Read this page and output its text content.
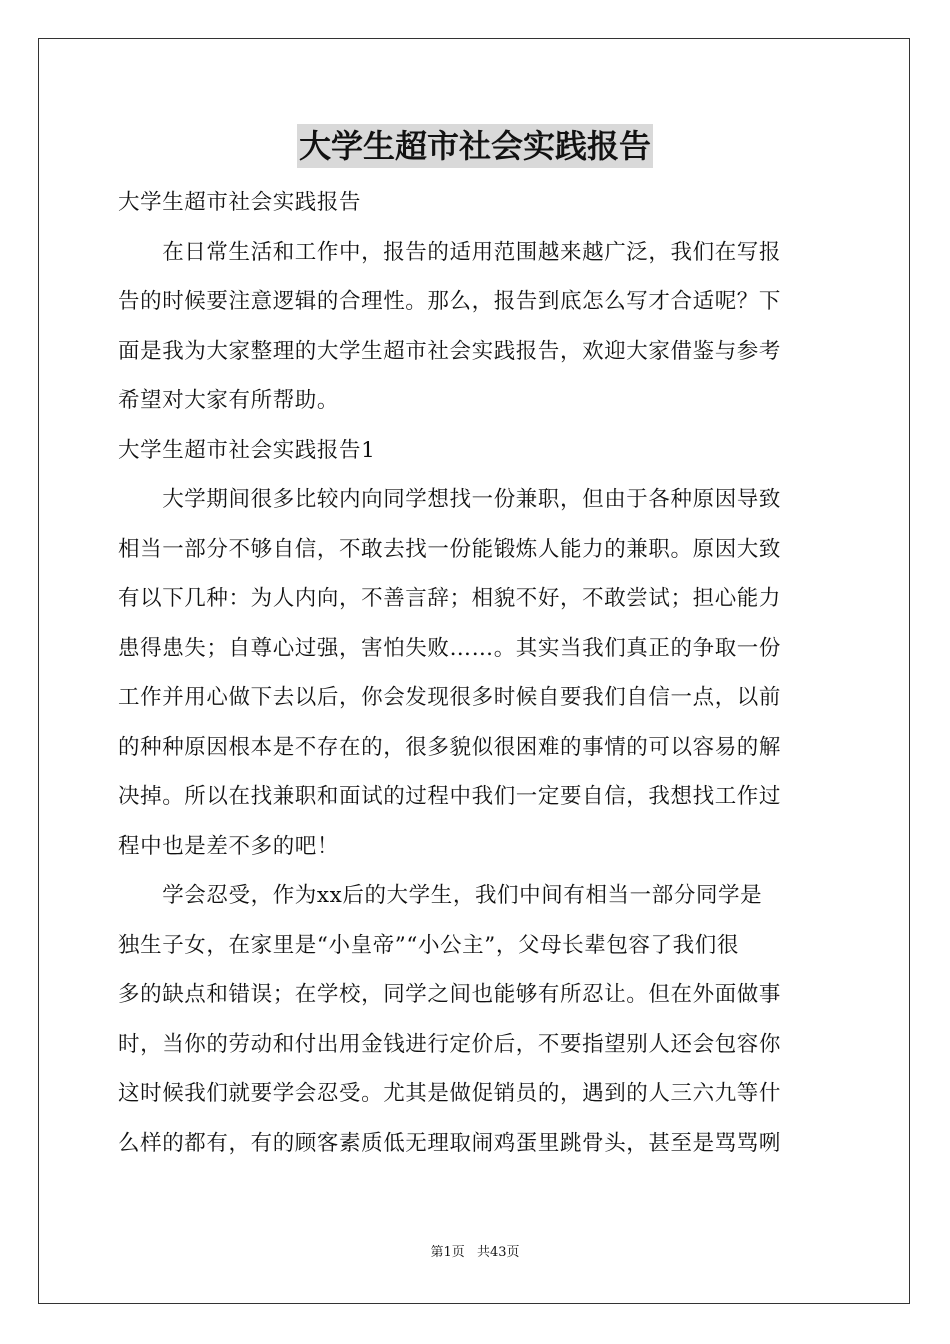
大学生超市社会实践报告
大学生超市社会实践报告
　　在日常生活和工作中，报告的适用范围越来越广泛，我们在写报
告的时候要注意逻辑的合理性。那么，报告到底怎么写才合适呢？下
面是我为大家整理的大学生超市社会实践报告，欢迎大家借鉴与参考
希望对大家有所帮助。
大学生超市社会实践报告1
　　大学期间很多比较内向同学想找一份兼职，但由于各种原因导致
相当一部分不够自信，不敢去找一份能锻炼人能力的兼职。原因大致
有以下几种：为人内向，不善言辞；相貌不好，不敢尝试；担心能力
患得患失；自尊心过强，害怕失败……。其实当我们真正的争取一份
工作并用心做下去以后，你会发现很多时候自要我们自信一点，以前
的种种原因根本是不存在的，很多貌似很困难的事情的可以容易的解
决掉。所以在找兼职和面试的过程中我们一定要自信，我想找工作过
程中也是差不多的吧！
　　学会忍受，作为xx后的大学生，我们中间有相当一部分同学是
独生子女，在家里是“小皇帝”“小公主”，父母长辈包容了我们很
多的缺点和错误；在学校，同学之间也能够有所忍让。但在外面做事
时，当你的劳动和付出用金钱进行定价后，不要指望别人还会包容你
这时候我们就要学会忍受。尤其是做促销员的，遇到的人三六九等什
么样的都有，有的顾客素质低无理取闹鸡蛋里跳骨头，甚至是骂骂咧
第1页 共43页
